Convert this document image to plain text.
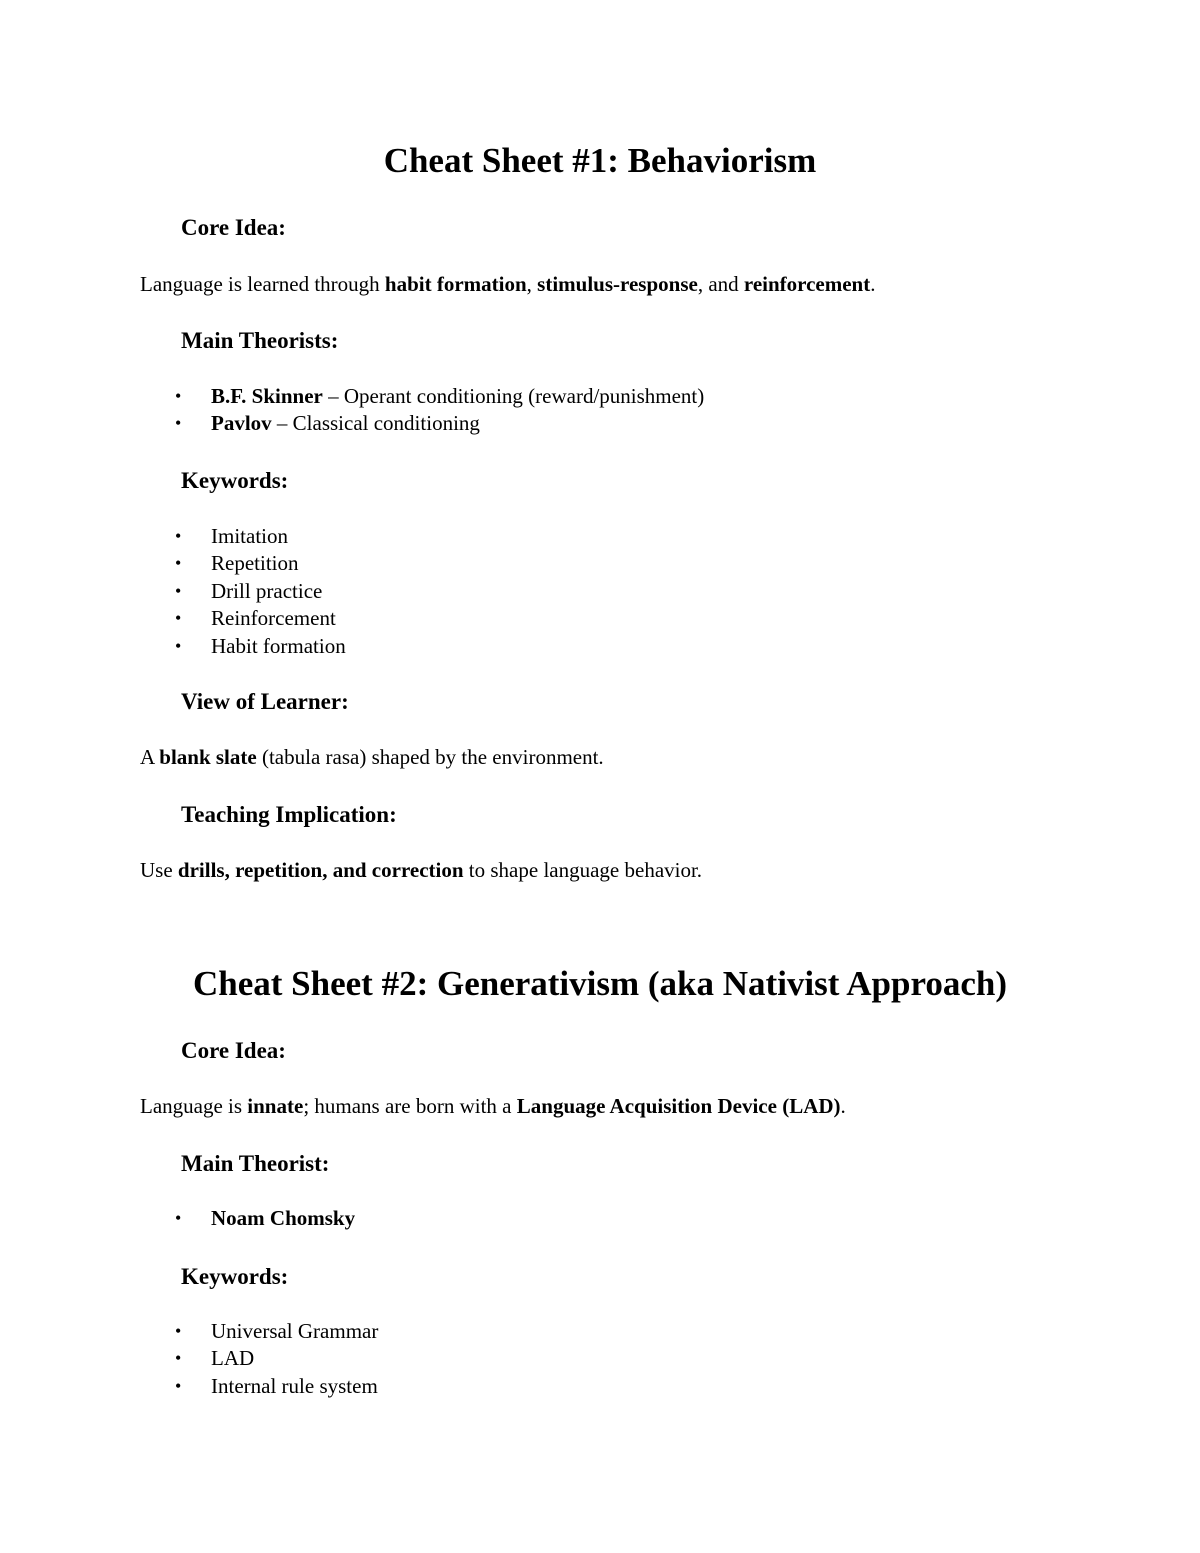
Cheat Sheet #1: Behaviorism
Core Idea:

Language is learned through habit formation, stimulus-response, and reinforcement.

Main Theorists:
• B.F. Skinner – Operant conditioning (reward/punishment)
• Pavlov – Classical conditioning
Keywords:
• Imitation
• Repetition
• Drill practice
• Reinforcement
• Habit formation
View of Learner:

A blank slate (tabula rasa) shaped by the environment.

Teaching Implication:

Use drills, repetition, and correction to shape language behavior.

Cheat Sheet #2: Generativism (aka Nativist Approach)
Core Idea:

Language is innate; humans are born with a Language Acquisition Device (LAD).

Main Theorist:
• Noam Chomsky
Keywords:
• Universal Grammar
• LAD
• Internal rule system
